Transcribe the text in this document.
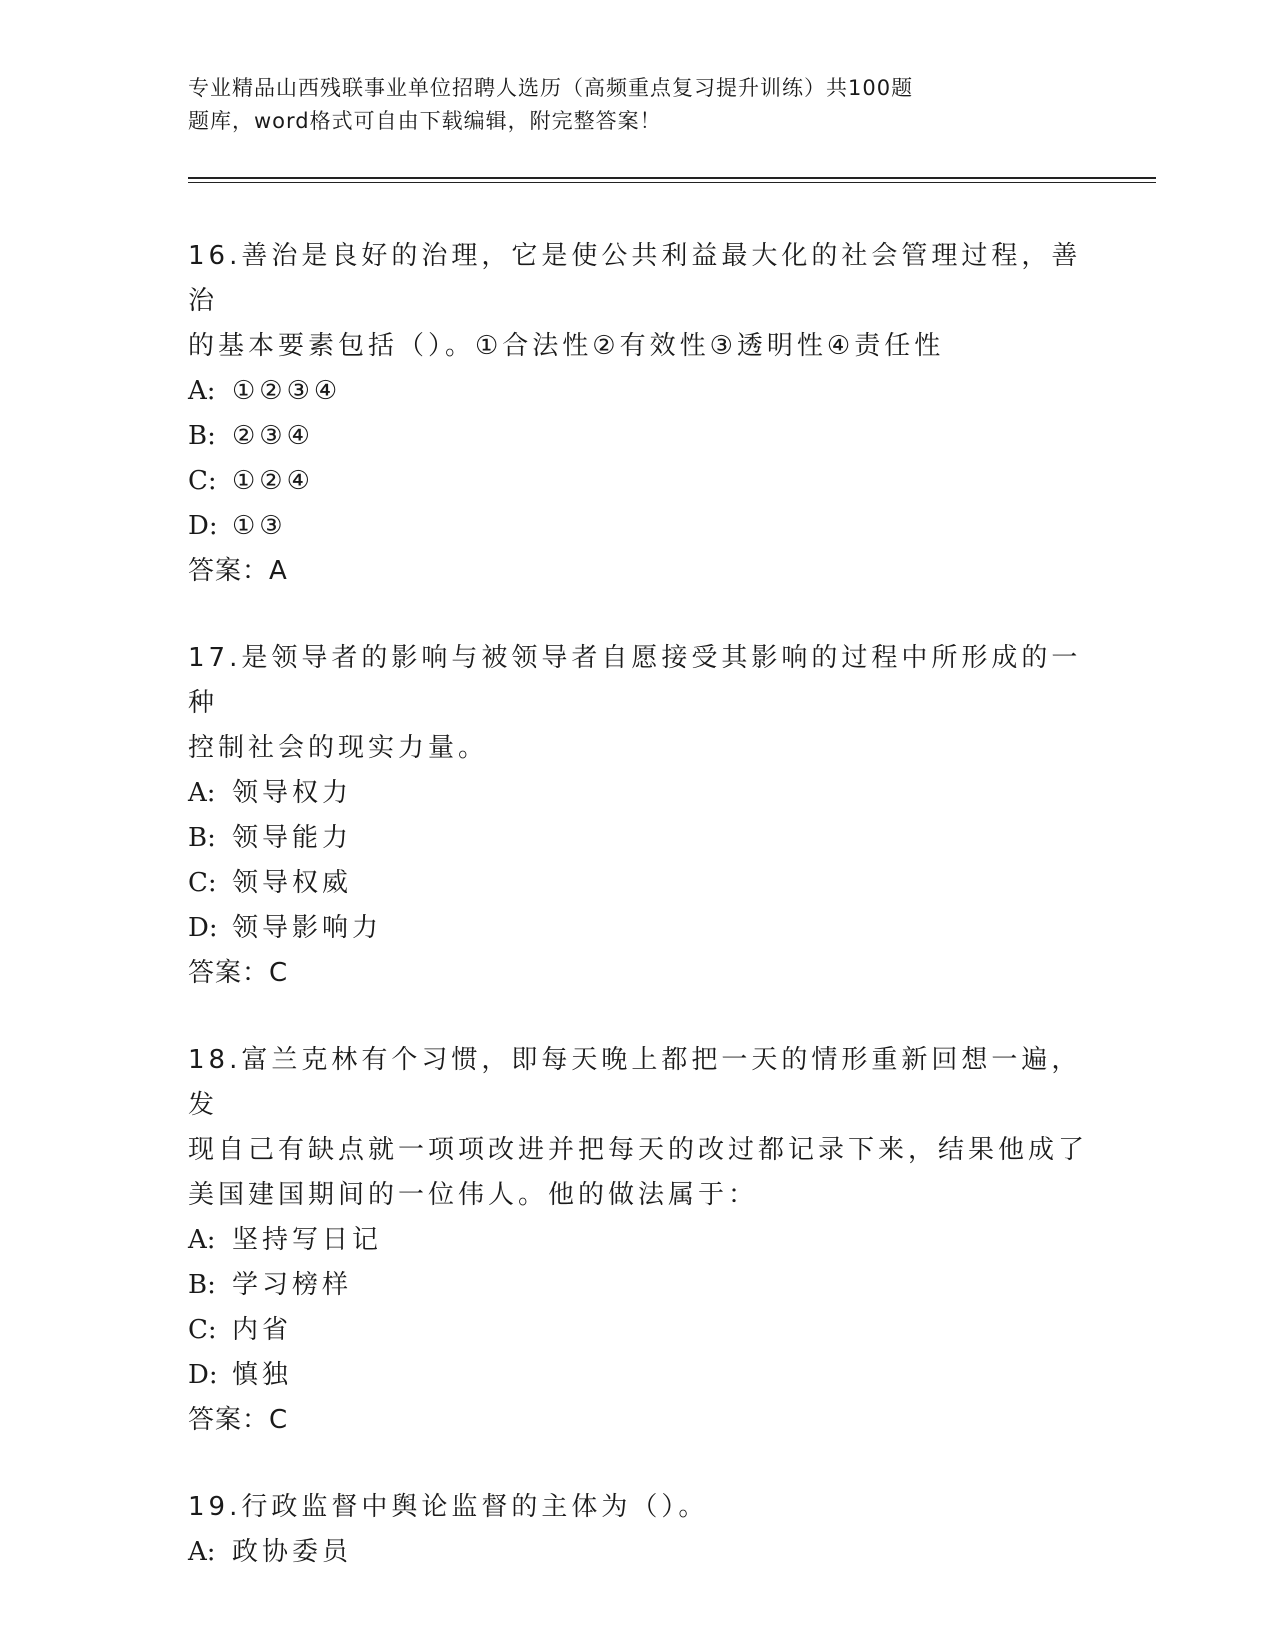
专业精品山西残联事业单位招聘人选历（高频重点复习提升训练）共100题
题库，word格式可自由下载编辑，附完整答案！

16.善治是良好的治理，它是使公共利益最大化的社会管理过程，善治

的基本要素包括（）。①合法性②有效性③透明性④责任性

A: ①②③④
B: ②③④
C: ①②④
D: ①③

答案：A

17.是领导者的影响与被领导者自愿接受其影响的过程中所形成的一种

控制社会的现实力量。

A: 领导权力
B: 领导能力
C: 领导权威
D: 领导影响力

答案：C

18.富兰克林有个习惯，即每天晚上都把一天的情形重新回想一遍，发

现自己有缺点就一项项改进并把每天的改过都记录下来，结果他成了

美国建国期间的一位伟人。他的做法属于：

A: 坚持写日记
B: 学习榜样
C: 内省
D: 慎独

答案：C

19.行政监督中舆论监督的主体为（）。

A: 政协委员
